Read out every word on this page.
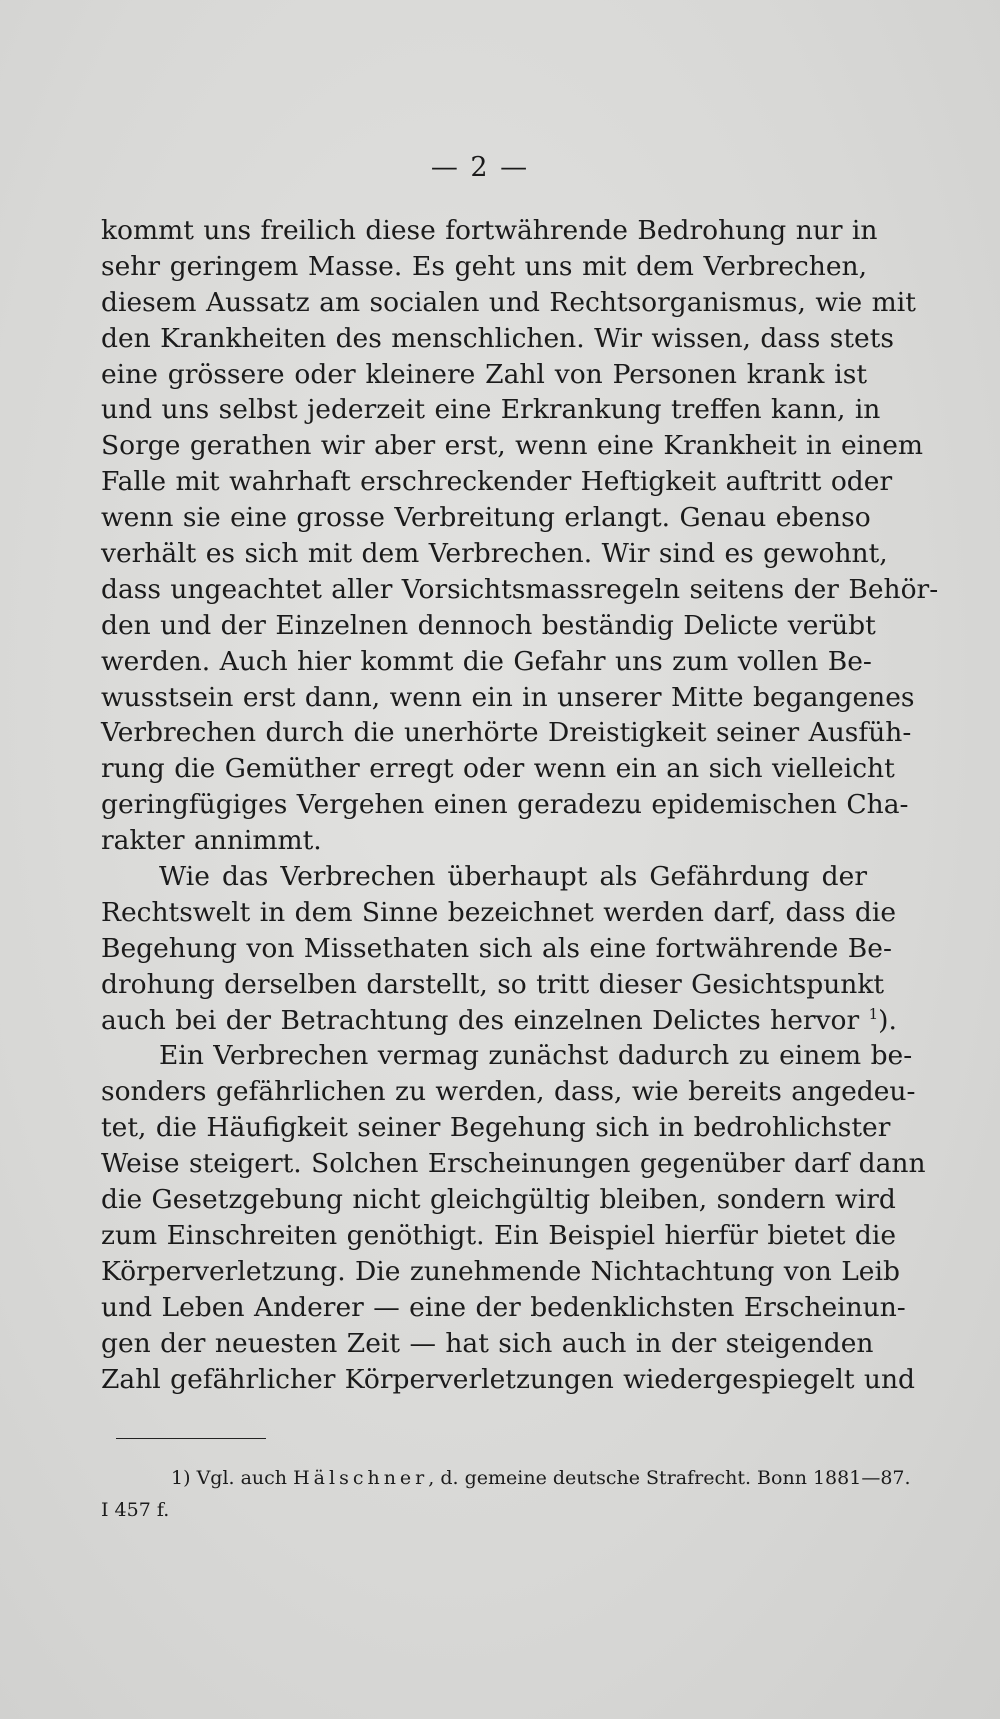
— 2 —
kommt uns freilich diese fortwährende Bedrohung nur in
sehr geringem Masse. Es geht uns mit dem Verbrechen,
diesem Aussatz am socialen und Rechtsorganismus, wie mit
den Krankheiten des menschlichen. Wir wissen, dass stets
eine grössere oder kleinere Zahl von Personen krank ist
und uns selbst jederzeit eine Erkrankung treffen kann, in
Sorge gerathen wir aber erst, wenn eine Krankheit in einem
Falle mit wahrhaft erschreckender Heftigkeit auftritt oder
wenn sie eine grosse Verbreitung erlangt. Genau ebenso
verhält es sich mit dem Verbrechen. Wir sind es gewohnt,
dass ungeachtet aller Vorsichtsmassregeln seitens der Behör-
den und der Einzelnen dennoch beständig Delicte verübt
werden. Auch hier kommt die Gefahr uns zum vollen Be-
wusstsein erst dann, wenn ein in unserer Mitte begangenes
Verbrechen durch die unerhörte Dreistigkeit seiner Ausfüh-
rung die Gemüther erregt oder wenn ein an sich vielleicht
geringfügiges Vergehen einen geradezu epidemischen Cha-
rakter annimmt.
Wie das Verbrechen überhaupt als Gefährdung der
Rechtswelt in dem Sinne bezeichnet werden darf, dass die
Begehung von Missethaten sich als eine fortwährende Be-
drohung derselben darstellt, so tritt dieser Gesichtspunkt
auch bei der Betrachtung des einzelnen Delictes hervor $^1$).
Ein Verbrechen vermag zunächst dadurch zu einem be-
sonders gefährlichen zu werden, dass, wie bereits angedeu-
tet, die Häufigkeit seiner Begehung sich in bedrohlichster
Weise steigert. Solchen Erscheinungen gegenüber darf dann
die Gesetzgebung nicht gleichgültig bleiben, sondern wird
zum Einschreiten genöthigt. Ein Beispiel hierfür bietet die
Körperverletzung. Die zunehmende Nichtachtung von Leib
und Leben Anderer — eine der bedenklichsten Erscheinun-
gen der neuesten Zeit — hat sich auch in der steigenden
Zahl gefährlicher Körperverletzungen wiedergespiegelt und
1) Vgl. auch Hälschner, d. gemeine deutsche Strafrecht. Bonn 1881—87.
I 457 f.
